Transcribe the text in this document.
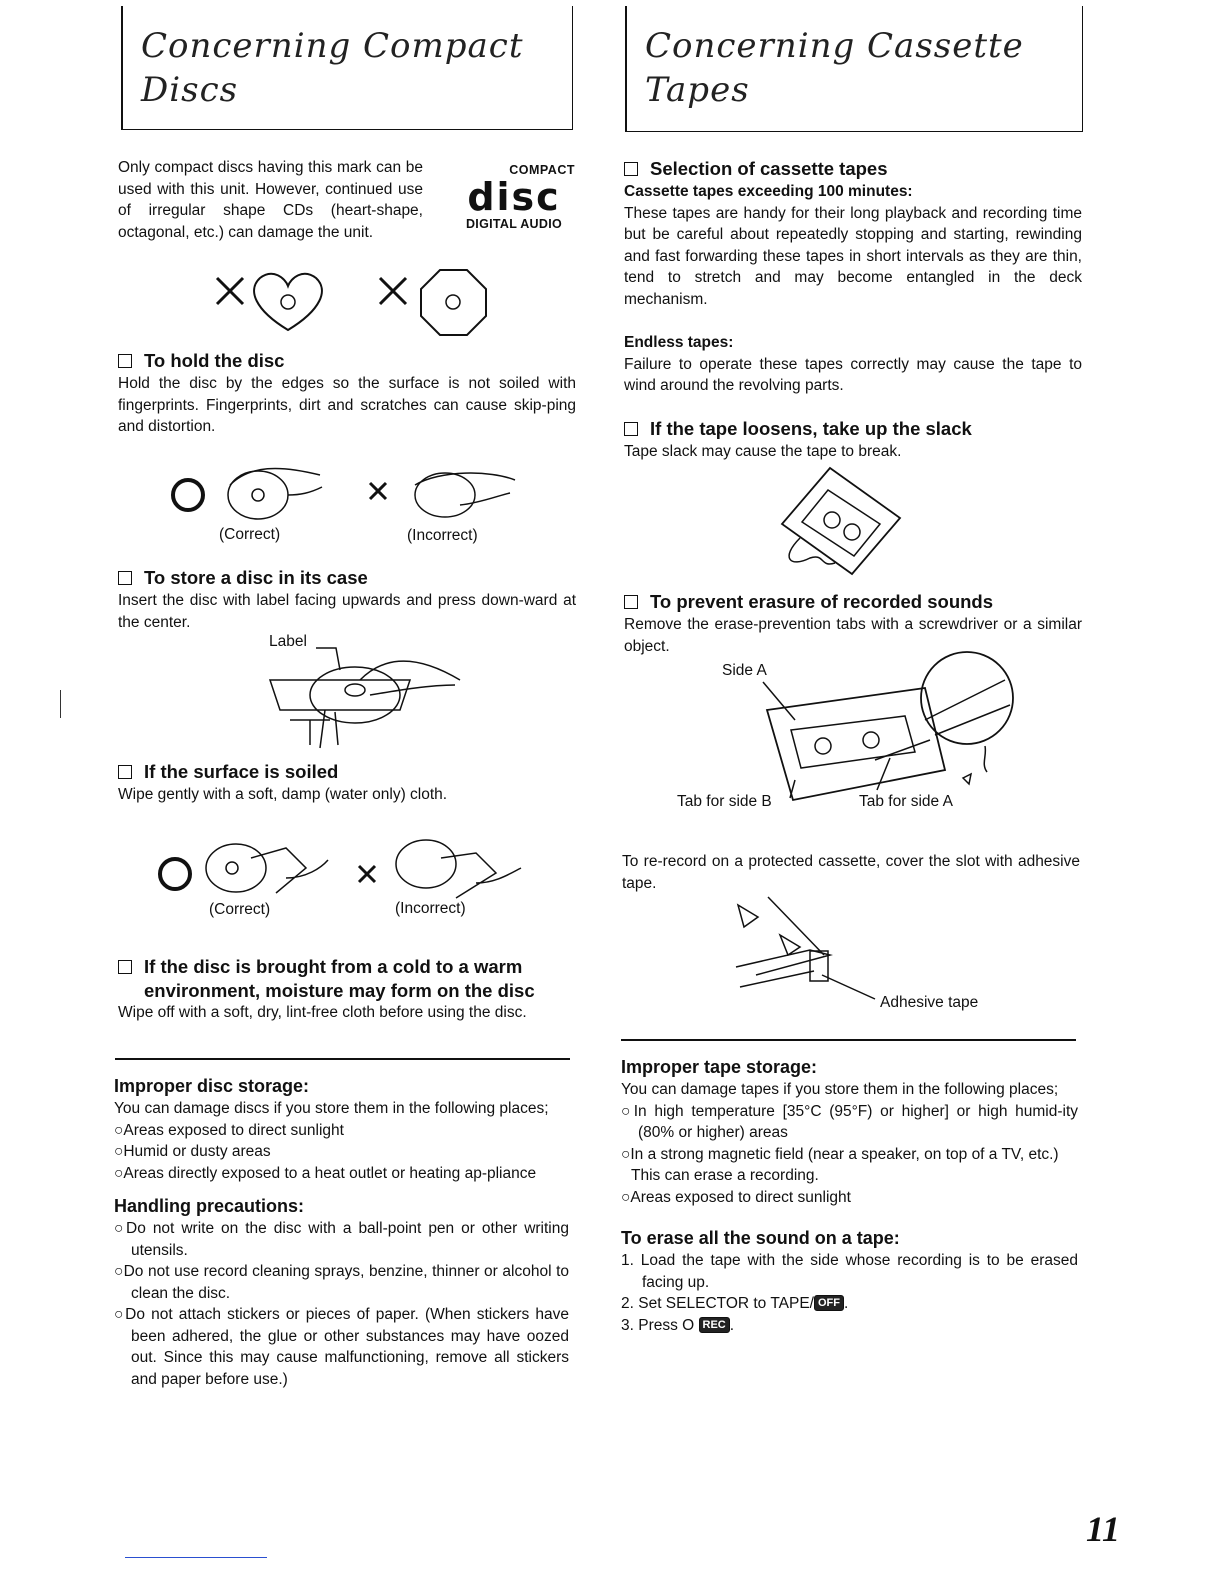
Concerning Compact
Discs

Only compact discs having this mark can be used with this unit. However, continued use of irregular shape CDs (heart-shape, octagonal, etc.) can damage the unit.

COMPACT
disc
DIGITAL AUDIO
To hold the disc

Hold the disc by the edges so the surface is not soiled with fingerprints. Fingerprints, dirt and scratches can cause skip-ping and distortion.

(Correct)	(Incorrect)
To store a disc in its case

Insert the disc with label facing upwards and press down-ward at the center.

Label
If the surface is soiled

Wipe gently with a soft, damp (water only) cloth.

(Correct)	(Incorrect)
If the disc is brought from a cold to a warm environment, moisture may form on the disc

Wipe off with a soft, dry, lint-free cloth before using the disc.

Improper disc storage:

You can damage discs if you store them in the following places;

○Areas exposed to direct sunlight

○Humid or dusty areas

○Areas directly exposed to a heat outlet or heating ap-pliance

Handling precautions:

○Do not write on the disc with a ball-point pen or other writing utensils.

○Do not use record cleaning sprays, benzine, thinner or alcohol to clean the disc.

○Do not attach stickers or pieces of paper. (When stickers have been adhered, the glue or other substances may have oozed out. Since this may cause malfunctioning, remove all stickers and paper before use.)

Concerning Cassette
Tapes
Selection of cassette tapes

Cassette tapes exceeding 100 minutes:

These tapes are handy for their long playback and recording time but be careful about repeatedly stopping and starting, rewinding and fast forwarding these tapes in short intervals as they are thin, tend to stretch and may become entangled in the deck mechanism.

Endless tapes:

Failure to operate these tapes correctly may cause the tape to wind around the revolving parts.

If the tape loosens, take up the slack

Tape slack may cause the tape to break.

To prevent erasure of recorded sounds

Remove the erase-prevention tabs with a screwdriver or a similar object.

Side A
Tab for side B	Tab for side A

To re-record on a protected cassette, cover the slot with adhesive tape.

Adhesive tape
Improper tape storage:

You can damage tapes if you store them in the following places;

○In high temperature [35°C (95°F) or higher] or high humid-ity (80% or higher) areas

○In a strong magnetic field (near a speaker, on top of a TV, etc.)

This can erase a recording.

○Areas exposed to direct sunlight

To erase all the sound on a tape:

1. Load the tape with the side whose recording is to be erased facing up.

2. Set SELECTOR to TAPE/ OFF .

3. Press O REC .

11
